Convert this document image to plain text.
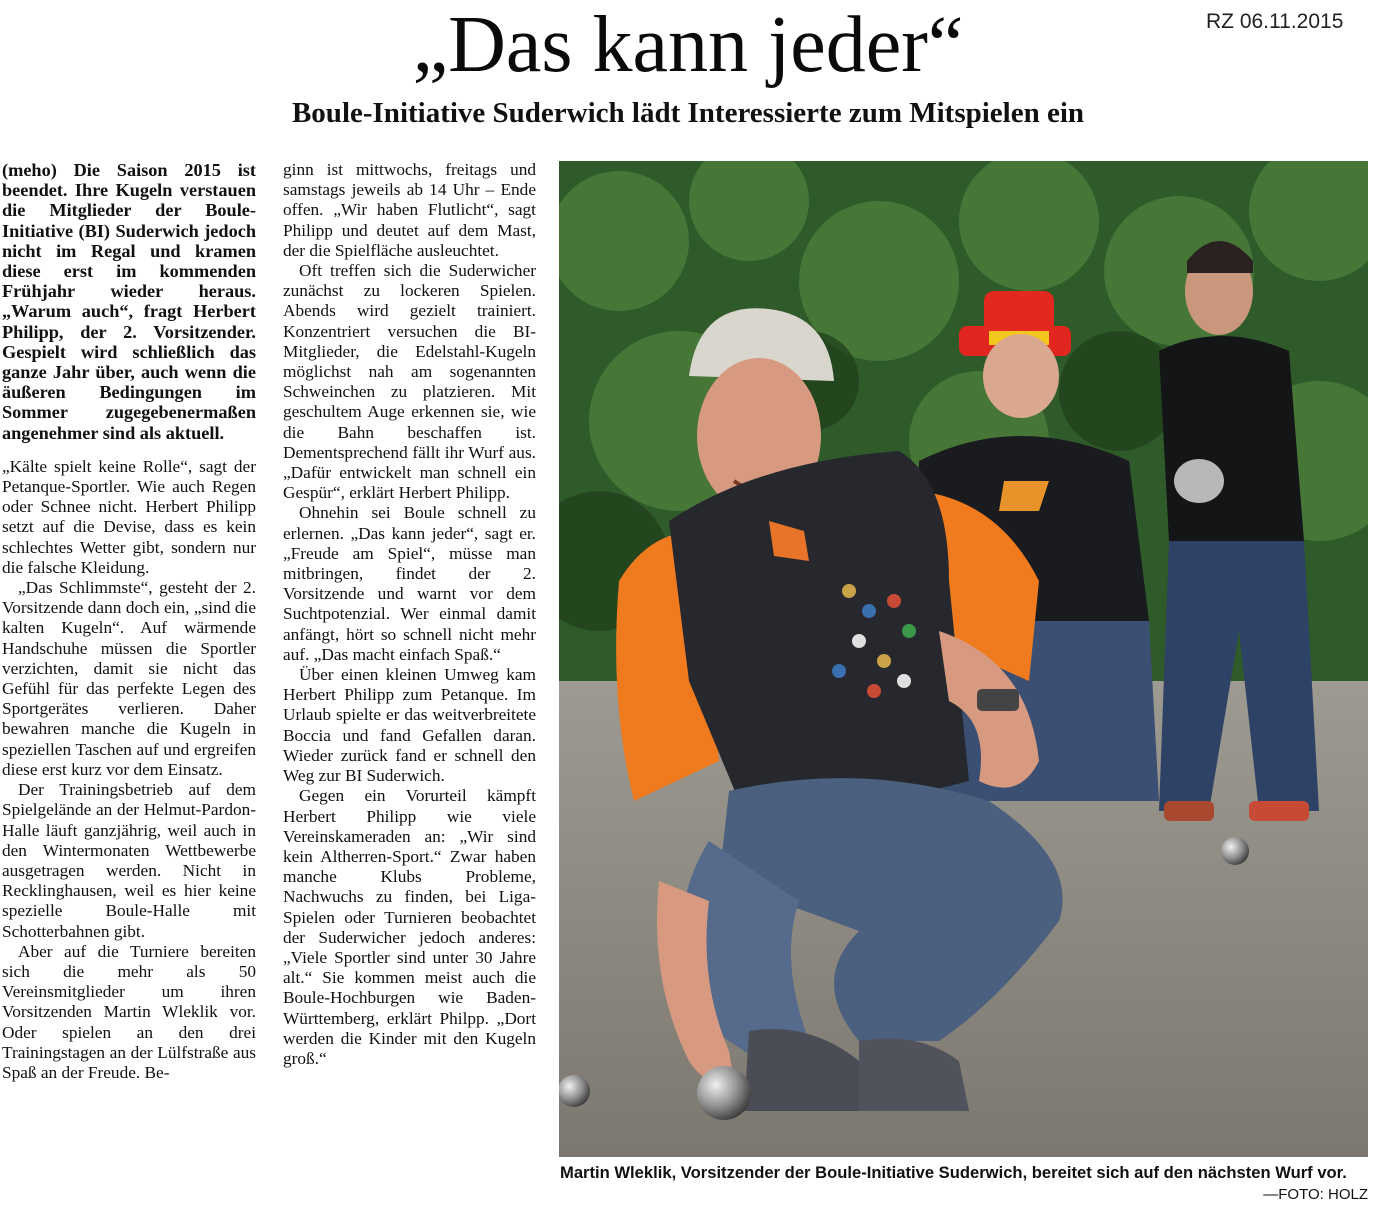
„Das kann jeder“	RZ 06.11.2015
Boule-Initiative Suderwich lädt Interessierte zum Mitspielen ein

(meho) Die Saison 2015 ist beendet. Ihre Kugeln verstauen die Mitglieder der Boule-Initiative (BI) Suderwich jedoch nicht im Regal und kramen diese erst im kommenden Frühjahr wieder heraus. „Warum auch“, fragt Herbert Philipp, der 2. Vorsitzender. Gespielt wird schließlich das ganze Jahr über, auch wenn die äußeren Bedingungen im Sommer zugegebenermaßen angenehmer sind als aktuell.

„Kälte spielt keine Rolle“, sagt der Petanque-Sportler. Wie auch Regen oder Schnee nicht. Herbert Philipp setzt auf die Devise, dass es kein schlechtes Wetter gibt, sondern nur die falsche Kleidung.

„Das Schlimmste“, gesteht der 2. Vorsitzende dann doch ein, „sind die kalten Kugeln“. Auf wärmende Handschuhe müssen die Sportler verzichten, damit sie nicht das Gefühl für das perfekte Legen des Sportgerätes verlieren. Daher bewahren manche die Kugeln in speziellen Taschen auf und ergreifen diese erst kurz vor dem Einsatz.

Der Trainingsbetrieb auf dem Spielgelände an der Helmut-Pardon-Halle läuft ganzjährig, weil auch in den Wintermonaten Wettbewerbe ausgetragen werden. Nicht in Recklinghausen, weil es hier keine spezielle Boule-Halle mit Schotterbahnen gibt.

Aber auf die Turniere bereiten sich die mehr als 50 Vereinsmitglieder um ihren Vorsitzenden Martin Wleklik vor. Oder spielen an den drei Trainingstagen an der Lülfstraße aus Spaß an der Freude. Be-

ginn ist mittwochs, freitags und samstags jeweils ab 14 Uhr – Ende offen. „Wir haben Flutlicht“, sagt Philipp und deutet auf dem Mast, der die Spielfläche ausleuchtet.

Oft treffen sich die Suderwicher zunächst zu lockeren Spielen. Abends wird gezielt trainiert. Konzentriert versuchen die BI-Mitglieder, die Edelstahl-Kugeln möglichst nah am sogenannten Schweinchen zu platzieren. Mit geschultem Auge erkennen sie, wie die Bahn beschaffen ist. Dementsprechend fällt ihr Wurf aus. „Dafür entwickelt man schnell ein Gespür“, erklärt Herbert Philipp.

Ohnehin sei Boule schnell zu erlernen. „Das kann jeder“, sagt er. „Freude am Spiel“, müsse man mitbringen, findet der 2. Vorsitzende und warnt vor dem Suchtpotenzial. Wer einmal damit anfängt, hört so schnell nicht mehr auf. „Das macht einfach Spaß.“

Über einen kleinen Umweg kam Herbert Philipp zum Petanque. Im Urlaub spielte er das weitverbreitete Boccia und fand Gefallen daran. Wieder zurück fand er schnell den Weg zur BI Suderwich.

Gegen ein Vorurteil kämpft Herbert Philipp wie viele Vereinskameraden an: „Wir sind kein Altherren-Sport.“ Zwar haben manche Klubs Probleme, Nachwuchs zu finden, bei Liga-Spielen oder Turnieren beobachtet der Suderwicher jedoch anderes: „Viele Sportler sind unter 30 Jahre alt.“ Sie kommen meist auch die Boule-Hochburgen wie Baden-Württemberg, erklärt Philpp. „Dort werden die Kinder mit den Kugeln groß.“

Martin Wleklik, Vorsitzender der Boule-Initiative Suderwich, bereitet sich auf den nächsten Wurf vor.
—FOTO: HOLZ
